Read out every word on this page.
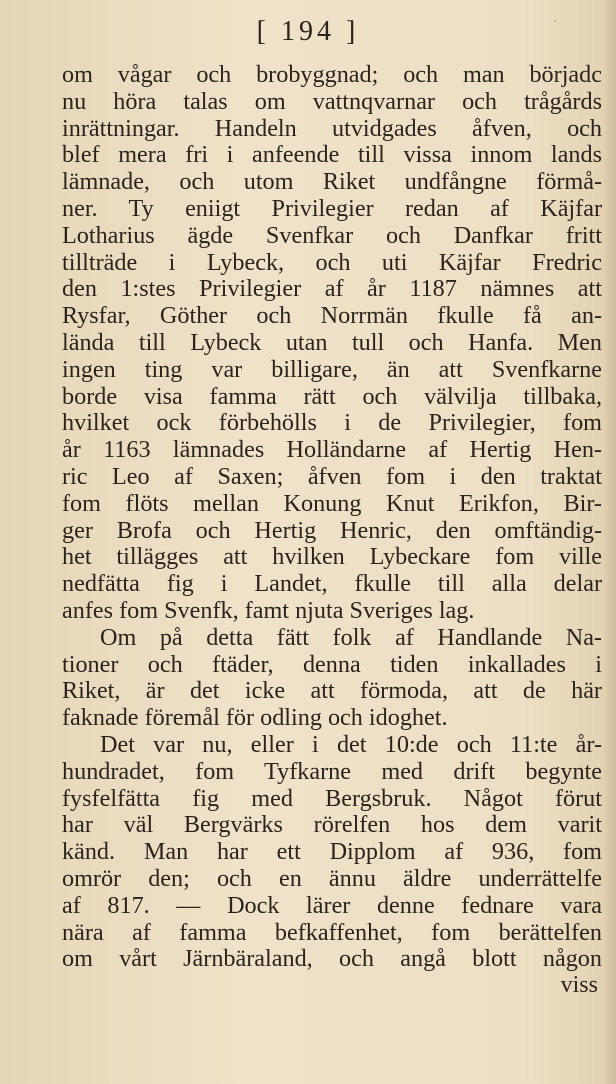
[ 194 ]
om vågar och brobyggnad; och man börjadc
nu höra talas om vattnqvarnar och trågårds
inrättningar. Handeln utvidgades åfven, och
blef mera fri i anfeende till vissa innom lands
lämnade, och utom Riket undfångne förmå-
ner. Ty eniigt Privilegier redan af Käjfar
Lotharius ägde Svenfkar och Danfkar fritt
tillträde i Lybeck, och uti Käjfar Fredric
den 1:stes Privilegier af år 1187 nämnes att
Rysfar, Göther och Norrmän fkulle få an-
lända till Lybeck utan tull och Hanfa. Men
ingen ting var billigare, än att Svenfkarne
borde visa famma rätt och välvilja tillbaka,
hvilket ock förbehölls i de Privilegier, fom
år 1163 lämnades Holländarne af Hertig Hen-
ric Leo af Saxen; åfven fom i den traktat
fom flöts mellan Konung Knut Erikfon, Bir-
ger Brofa och Hertig Henric, den omftändig-
het tillägges att hvilken Lybeckare fom ville
nedfätta fig i Landet, fkulle till alla delar
anfes fom Svenfk, famt njuta Sveriges lag.
Om på detta fätt folk af Handlande Na-
tioner och ftäder, denna tiden inkallades i
Riket, är det icke att förmoda, att de här
faknade föremål för odling och idoghet.
Det var nu, eller i det 10:de och 11:te år-
hundradet, fom Tyfkarne med drift begynte
fysfelfätta fig med Bergsbruk. Något förut
har väl Bergvärks rörelfen hos dem varit
känd. Man har ett Dipplom af 936, fom
omrör den; och en ännu äldre underrättelfe
af 817. — Dock lärer denne fednare vara
nära af famma befkaffenhet, fom berättelfen
om vårt Järnbäraland, och angå blott någon
viss
